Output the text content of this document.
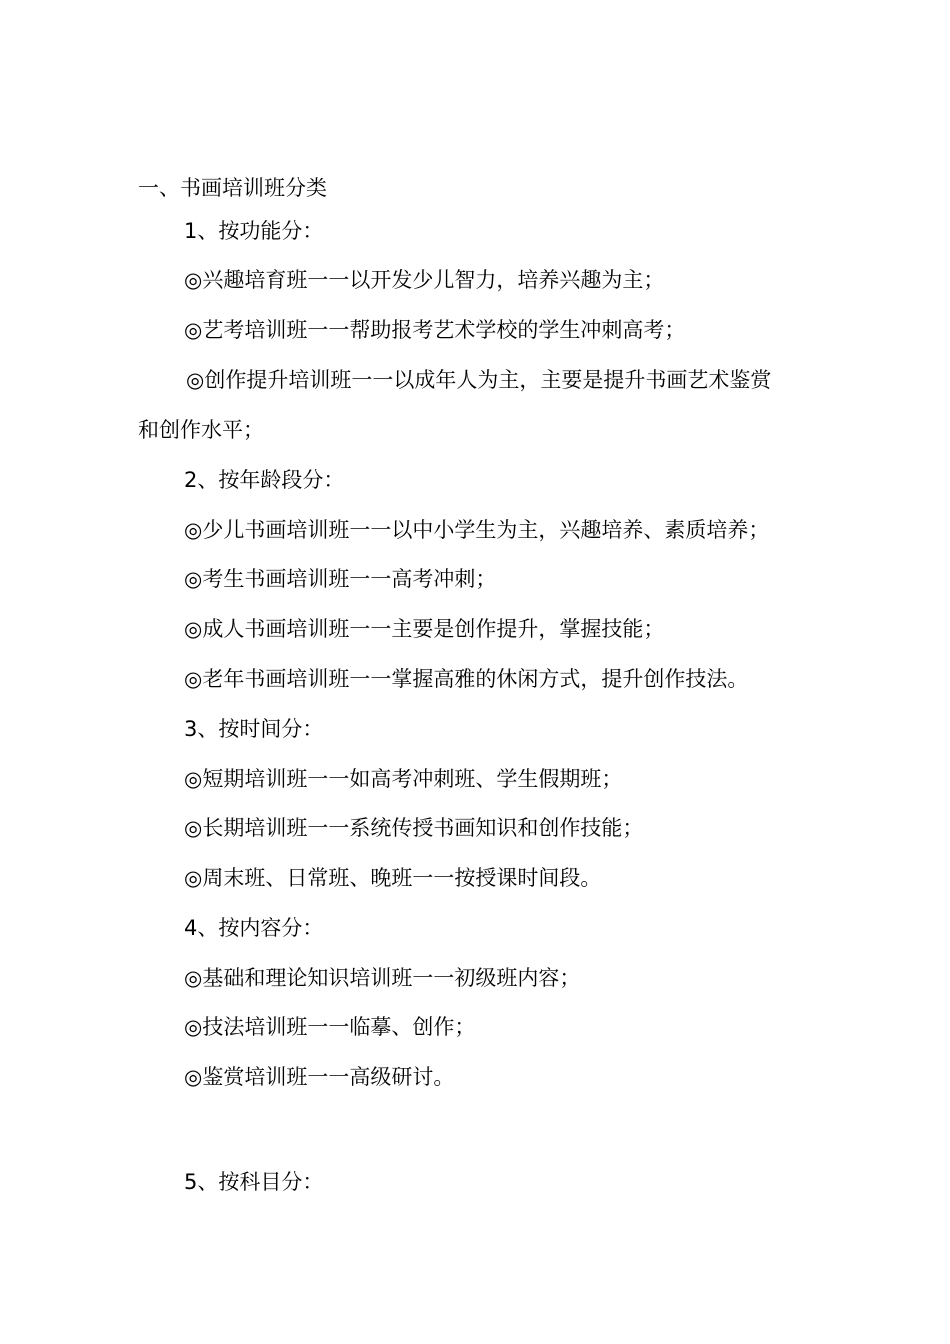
一、书画培训班分类
1、按功能分：
◎兴趣培育班一一以开发少儿智力，培养兴趣为主；
◎艺考培训班一一帮助报考艺术学校的学生冲刺高考；
◎创作提升培训班一一以成年人为主，主要是提升书画艺术鉴赏
和创作水平；
2、按年龄段分：
◎少儿书画培训班一一以中小学生为主，兴趣培养、素质培养；
◎考生书画培训班一一高考冲刺；
◎成人书画培训班一一主要是创作提升，掌握技能；
◎老年书画培训班一一掌握高雅的休闲方式，提升创作技法。
3、按时间分：
◎短期培训班一一如高考冲刺班、学生假期班；
◎长期培训班一一系统传授书画知识和创作技能；
◎周末班、日常班、晚班一一按授课时间段。
4、按内容分：
◎基础和理论知识培训班一一初级班内容；
◎技法培训班一一临摹、创作；
◎鉴赏培训班一一高级研讨。
5、按科目分：
